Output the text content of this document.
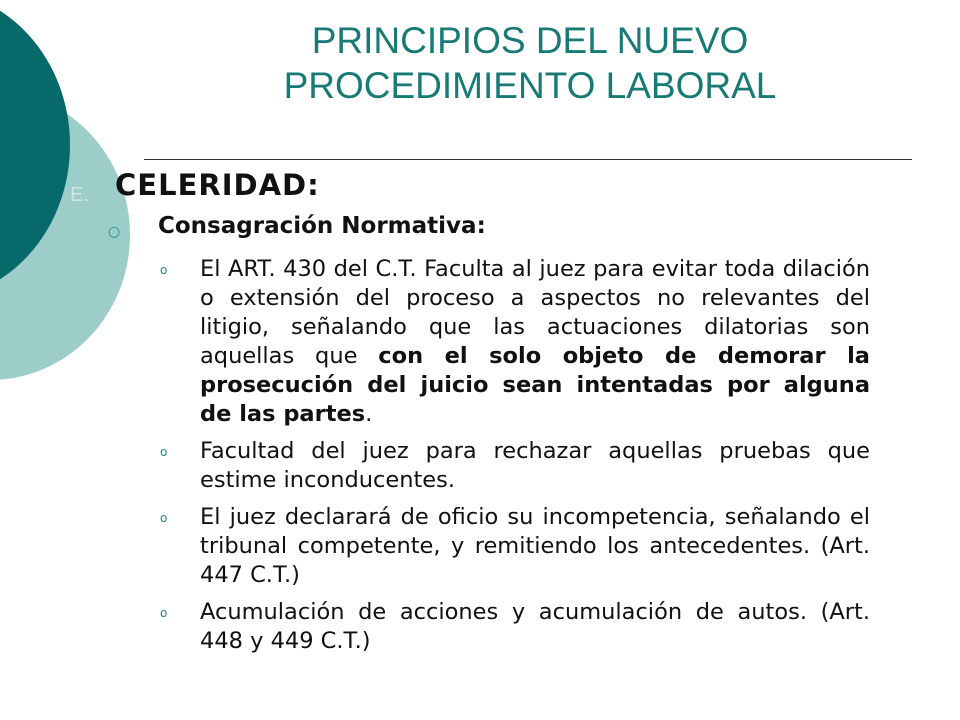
PRINCIPIOS DEL NUEVO
PROCEDIMIENTO LABORAL
E. CELERIDAD:
○ Consagración Normativa:
o El ART. 430 del C.T. Faculta al juez para evitar toda dilación o extensión del proceso a aspectos no relevantes del litigio, señalando que las actuaciones dilatorias son aquellas que con el solo objeto de demorar la prosecución del juicio sean intentadas por alguna de las partes.
o Facultad del juez para rechazar aquellas pruebas que estime inconducentes.
o El juez declarará de oficio su incompetencia, señalando el tribunal competente, y remitiendo los antecedentes. (Art. 447 C.T.)
o Acumulación de acciones y acumulación de autos. (Art. 448 y 449 C.T.)
